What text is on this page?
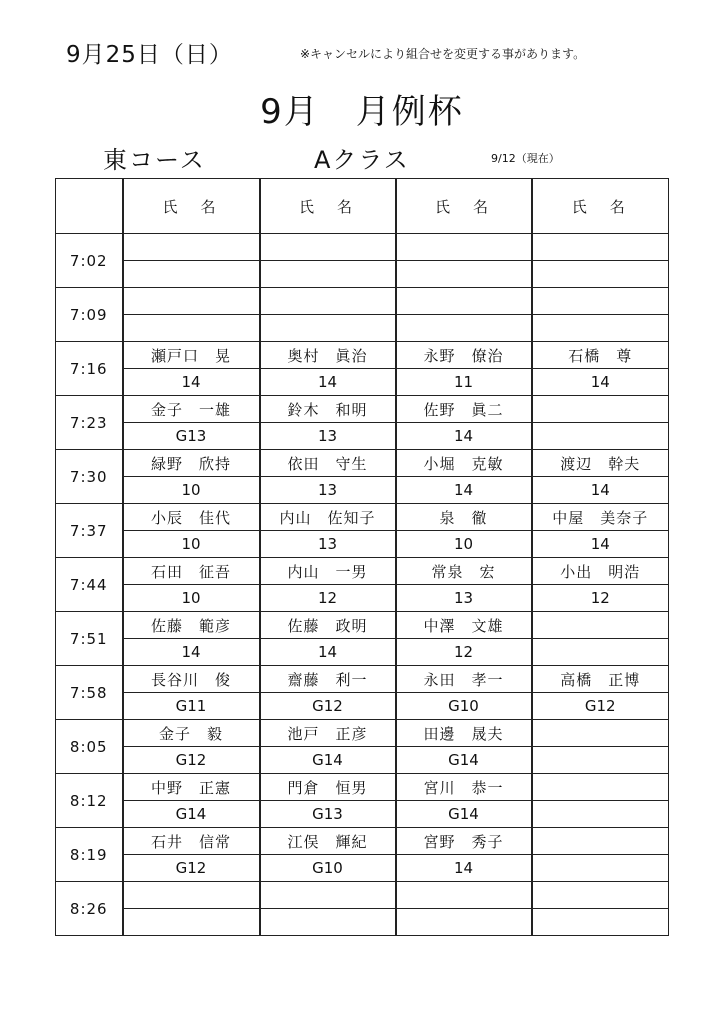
9月25日（日）	※キャンセルにより組合せを変更する事があります。
9月　月例杯
東コース	Aクラス	9/12（現在）
	氏　名	氏　名	氏　名	氏　名
7:02				

7:09				

7:16	瀬戸口　晃	奥村　眞治	永野　僚治	石橋　尊
	14	14	11	14
7:23	金子　一雄	鈴木　和明	佐野　眞二	
	G13	13	14	
7:30	緑野　欣持	依田　守生	小堀　克敏	渡辺　幹夫
	10	13	14	14
7:37	小辰　佳代	内山　佐知子	泉　徹	中屋　美奈子
	10	13	10	14
7:44	石田　征吾	内山　一男	常泉　宏	小出　明浩
	10	12	13	12
7:51	佐藤　範彦	佐藤　政明	中澤　文雄	
	14	14	12	
7:58	長谷川　俊	齋藤　利一	永田　孝一	高橋　正博
	G11	G12	G10	G12
8:05	金子　毅	池戸　正彦	田邊　晟夫	
	G12	G14	G14	
8:12	中野　正憲	門倉　恒男	宮川　恭一	
	G14	G13	G14	
8:19	石井　信常	江俣　輝紀	宮野　秀子	
	G12	G10	14	
8:26				
